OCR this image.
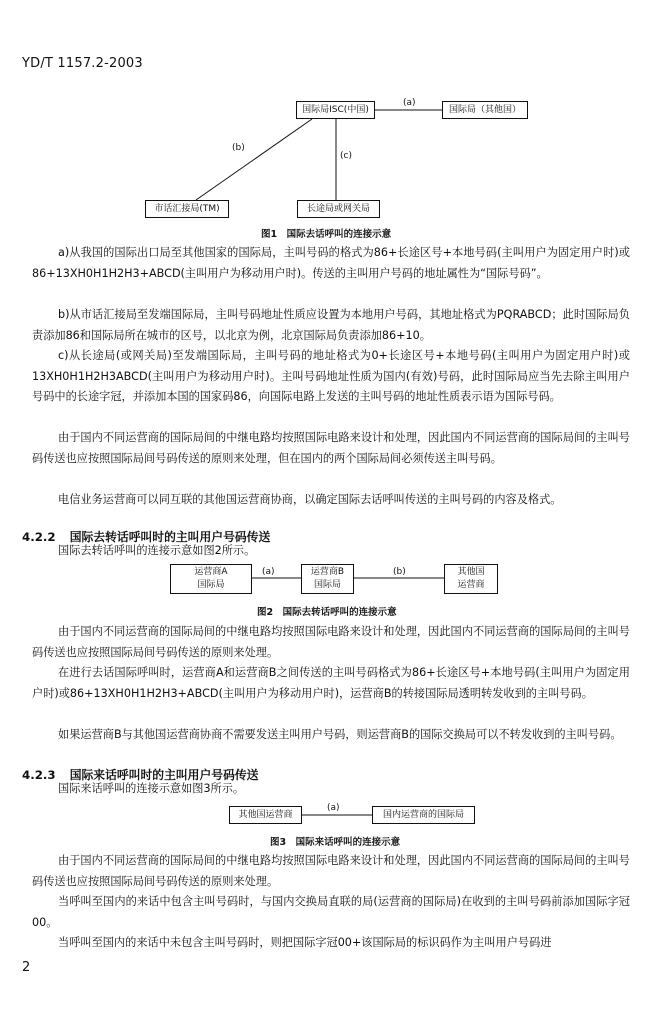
YD/T 1157.2-2003
国际局ISC(中国)	国际局（其他国）
市话汇接局(TM)	长途局或网关局
(a)
(b)
(c)
图1　国际去话呼叫的连接示意

a)从我国的国际出口局至其他国家的国际局，主叫号码的格式为86+长途区号+本地号码(主叫用户为固定用户时)或86+13XH0H1H2H3+ABCD(主叫用户为移动用户时)。传送的主叫用户号码的地址属性为“国际号码”。

b)从市话汇接局至发端国际局，主叫号码地址性质应设置为本地用户号码，其地址格式为PQRABCD；此时国际局负责添加86和国际局所在城市的区号，以北京为例，北京国际局负责添加86+10。

c)从长途局(或网关局)至发端国际局，主叫号码的地址格式为0+长途区号+本地号码(主叫用户为固定用户时)或13XH0H1H2H3ABCD(主叫用户为移动用户时)。主叫号码地址性质为国内(有效)号码，此时国际局应当先去除主叫用户号码中的长途字冠，并添加本国的国家码86，向国际电路上发送的主叫号码的地址性质表示语为国际号码。

由于国内不同运营商的国际局间的中继电路均按照国际电路来设计和处理，因此国内不同运营商的国际局间的主叫号码传送也应按照国际局间号码传送的原则来处理，但在国内的两个国际局间必须传送主叫号码。

电信业务运营商可以同互联的其他国运营商协商，以确定国际去话呼叫传送的主叫号码的内容及格式。

4.2.2 国际去转话呼叫时的主叫用户号码传送

国际去转话呼叫的连接示意如图2所示。

运营商A
国际局
运营商B
国际局
其他国
运营商
(a)	(b)
图2　国际去转话呼叫的连接示意

由于国内不同运营商的国际局间的中继电路均按照国际电路来设计和处理，因此国内不同运营商的国际局间的主叫号码传送也应按照国际局间号码传送的原则来处理。

在进行去话国际呼叫时，运营商A和运营商B之间传送的主叫号码格式为86+长途区号+本地号码(主叫用户为固定用户时)或86+13XH0H1H2H3+ABCD(主叫用户为移动用户时)，运营商B的转接国际局透明转发收到的主叫号码。

如果运营商B与其他国运营商协商不需要发送主叫用户号码，则运营商B的国际交换局可以不转发收到的主叫号码。

4.2.3 国际来话呼叫时的主叫用户号码传送

国际来话呼叫的连接示意如图3所示。

其他国运营商	国内运营商的国际局
(a)
图3　国际来话呼叫的连接示意

由于国内不同运营商的国际局间的中继电路均按照国际电路来设计和处理，因此国内不同运营商的国际局间的主叫号码传送也应按照国际局间号码传送的原则来处理。

当呼叫至国内的来话中包含主叫号码时，与国内交换局直联的局(运营商的国际局)在收到的主叫号码前添加国际字冠00。

当呼叫至国内的来话中未包含主叫号码时，则把国际字冠00+该国际局的标识码作为主叫用户号码进

2
